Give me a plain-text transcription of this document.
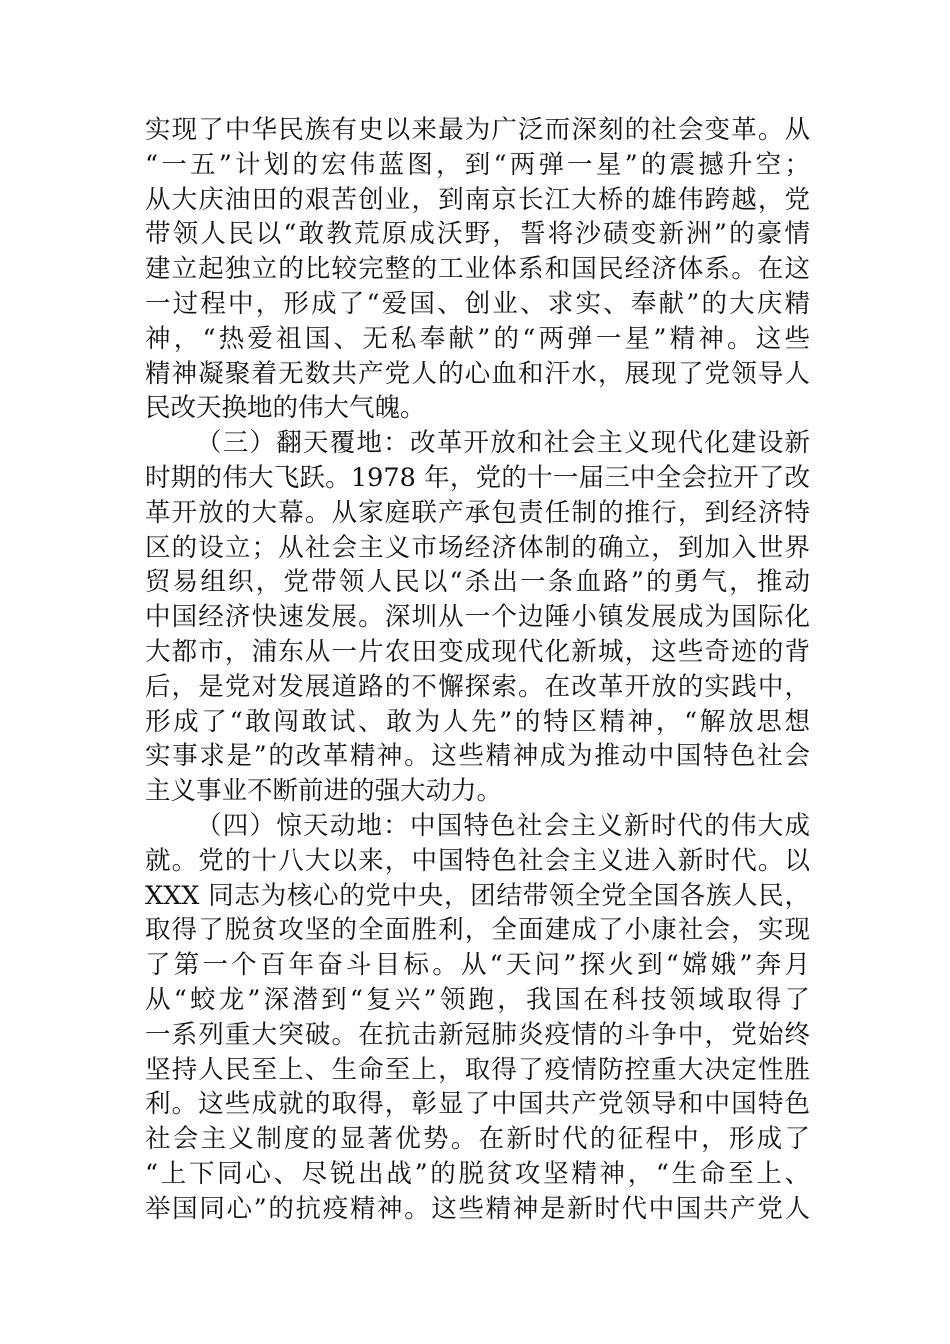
实现了中华民族有史以来最为广泛而深刻的社会变革。从
“一五”计划的宏伟蓝图，到“两弹一星”的震撼升空；
从大庆油田的艰苦创业，到南京长江大桥的雄伟跨越，党
带领人民以“敢教荒原成沃野，誓将沙碛变新洲”的豪情
建立起独立的比较完整的工业体系和国民经济体系。在这
一过程中，形成了“爱国、创业、求实、奉献”的大庆精
神，“热爱祖国、无私奉献”的“两弹一星”精神。这些
精神凝聚着无数共产党人的心血和汗水，展现了党领导人
民改天换地的伟大气魄。
（三）翻天覆地：改革开放和社会主义现代化建设新
时期的伟大飞跃。1978 年，党的十一届三中全会拉开了改
革开放的大幕。从家庭联产承包责任制的推行，到经济特
区的设立；从社会主义市场经济体制的确立，到加入世界
贸易组织，党带领人民以“杀出一条血路”的勇气，推动
中国经济快速发展。深圳从一个边陲小镇发展成为国际化
大都市，浦东从一片农田变成现代化新城，这些奇迹的背
后，是党对发展道路的不懈探索。在改革开放的实践中，
形成了“敢闯敢试、敢为人先”的特区精神，“解放思想
实事求是”的改革精神。这些精神成为推动中国特色社会
主义事业不断前进的强大动力。
（四）惊天动地：中国特色社会主义新时代的伟大成
就。党的十八大以来，中国特色社会主义进入新时代。以
XXX 同志为核心的党中央，团结带领全党全国各族人民，
取得了脱贫攻坚的全面胜利，全面建成了小康社会，实现
了第一个百年奋斗目标。从“天问”探火到“嫦娥”奔月
从“蛟龙”深潜到“复兴”领跑，我国在科技领域取得了
一系列重大突破。在抗击新冠肺炎疫情的斗争中，党始终
坚持人民至上、生命至上，取得了疫情防控重大决定性胜
利。这些成就的取得，彰显了中国共产党领导和中国特色
社会主义制度的显著优势。在新时代的征程中，形成了
“上下同心、尽锐出战”的脱贫攻坚精神，“生命至上、
举国同心”的抗疫精神。这些精神是新时代中国共产党人
